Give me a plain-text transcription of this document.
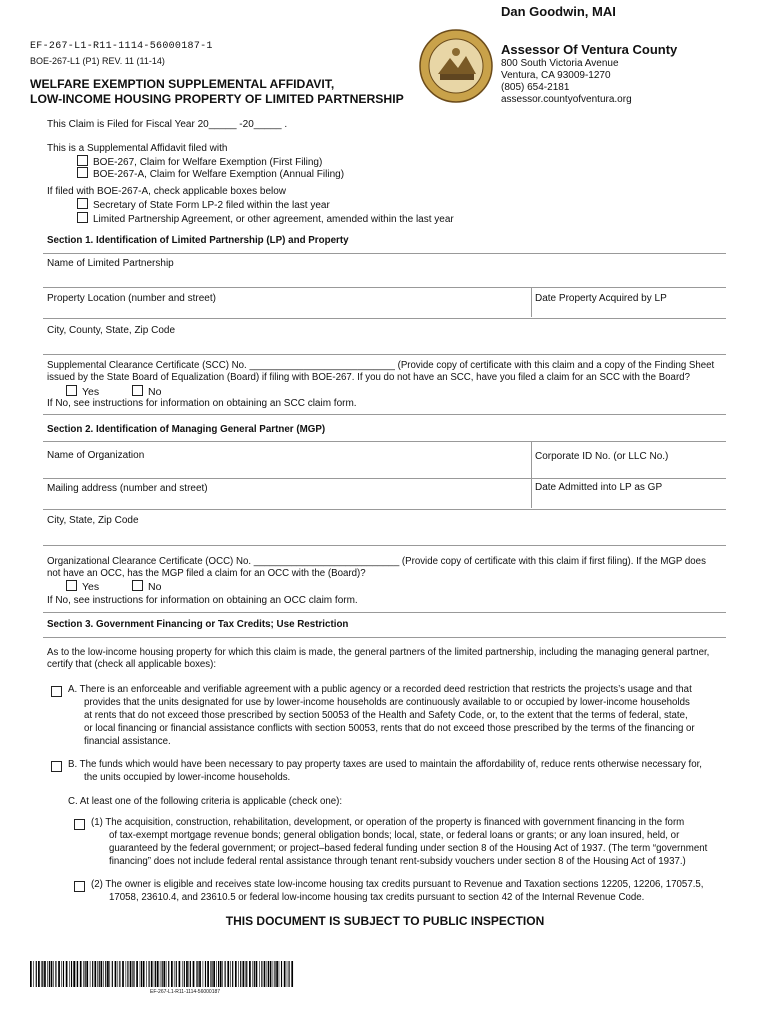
EF-267-L1-R11-1114-56000187-1
BOE-267-L1 (P1) REV. 11 (11-14)
WELFARE EXEMPTION SUPPLEMENTAL AFFIDAVIT,
LOW-INCOME HOUSING PROPERTY OF LIMITED PARTNERSHIP
Dan Goodwin, MAI
Assessor Of Ventura County
800 South Victoria Avenue
Ventura, CA 93009-1270
(805) 654-2181
assessor.countyofventura.org
This Claim is Filed for Fiscal Year 20_____ -20_____ .
This is a Supplemental Affidavit filed with
BOE-267, Claim for Welfare Exemption (First Filing)
BOE-267-A, Claim for Welfare Exemption (Annual Filing)
If filed with BOE-267-A, check applicable boxes below
Secretary of State Form LP-2 filed within the last year
Limited Partnership Agreement, or other agreement, amended within the last year
Section 1. Identification of Limited Partnership (LP) and Property
Name of Limited Partnership
Property Location (number and street)	Date Property Acquired by LP
City, County, State, Zip Code
Supplemental Clearance Certificate (SCC) No. ___________________________ (Provide copy of certificate with this claim and a copy of the Finding Sheet
issued by the State Board of Equalization (Board) if filing with BOE-267. If you do not have an SCC, have you filed a claim for an SCC with the Board?
Yes	No
If No, see instructions for information on obtaining an SCC claim form.
Section 2. Identification of Managing General Partner (MGP)
Name of Organization	Corporate ID No. (or LLC No.)
Mailing address (number and street)	Date Admitted into LP as GP
City, State, Zip Code
Organizational Clearance Certificate (OCC) No. ___________________________ (Provide copy of certificate with this claim if first filing). If the MGP does
not have an OCC, has the MGP filed a claim for an OCC with the (Board)?
Yes	No
If No, see instructions for information on obtaining an OCC claim form.
Section 3. Government Financing or Tax Credits; Use Restriction
As to the low-income housing property for which this claim is made, the general partners of the limited partnership, including the managing general partner,
certify that (check all applicable boxes):
A. There is an enforceable and verifiable agreement with a public agency or a recorded deed restriction that restricts the projects’s usage and that
provides that the units designated for use by lower-income households are continuously available to or occupied by lower-income households
at rents that do not exceed those prescribed by section 50053 of the Health and Safety Code, or, to the extent that the terms of federal, state,
or local financing or financial assistance conflicts with section 50053, rents that do not exceed those prescribed by the terms of the financing or
financial assistance.
B. The funds which would have been necessary to pay property taxes are used to maintain the affordability of, reduce rents otherwise necessary for,
the units occupied by lower-income households.
C. At least one of the following criteria is applicable (check one):
(1) The acquisition, construction, rehabilitation, development, or operation of the property is financed with government financing in the form
of tax-exempt mortgage revenue bonds; general obligation bonds; local, state, or federal loans or grants; or any loan insured, held, or
guaranteed by the federal government; or project–based federal funding under section 8 of the Housing Act of 1937. (The term “government
financing” does not include federal rental assistance through tenant rent-subsidy vouchers under section 8 of the Housing Act of 1937.)
(2) The owner is eligible and receives state low-income housing tax credits pursuant to Revenue and Taxation sections 12205, 12206, 17057.5,
17058, 23610.4, and 23610.5 or federal low-income housing tax credits pursuant to section 42 of the Internal Revenue Code.
THIS DOCUMENT IS SUBJECT TO PUBLIC INSPECTION
EF-267-L1-R11-1114-56000187
